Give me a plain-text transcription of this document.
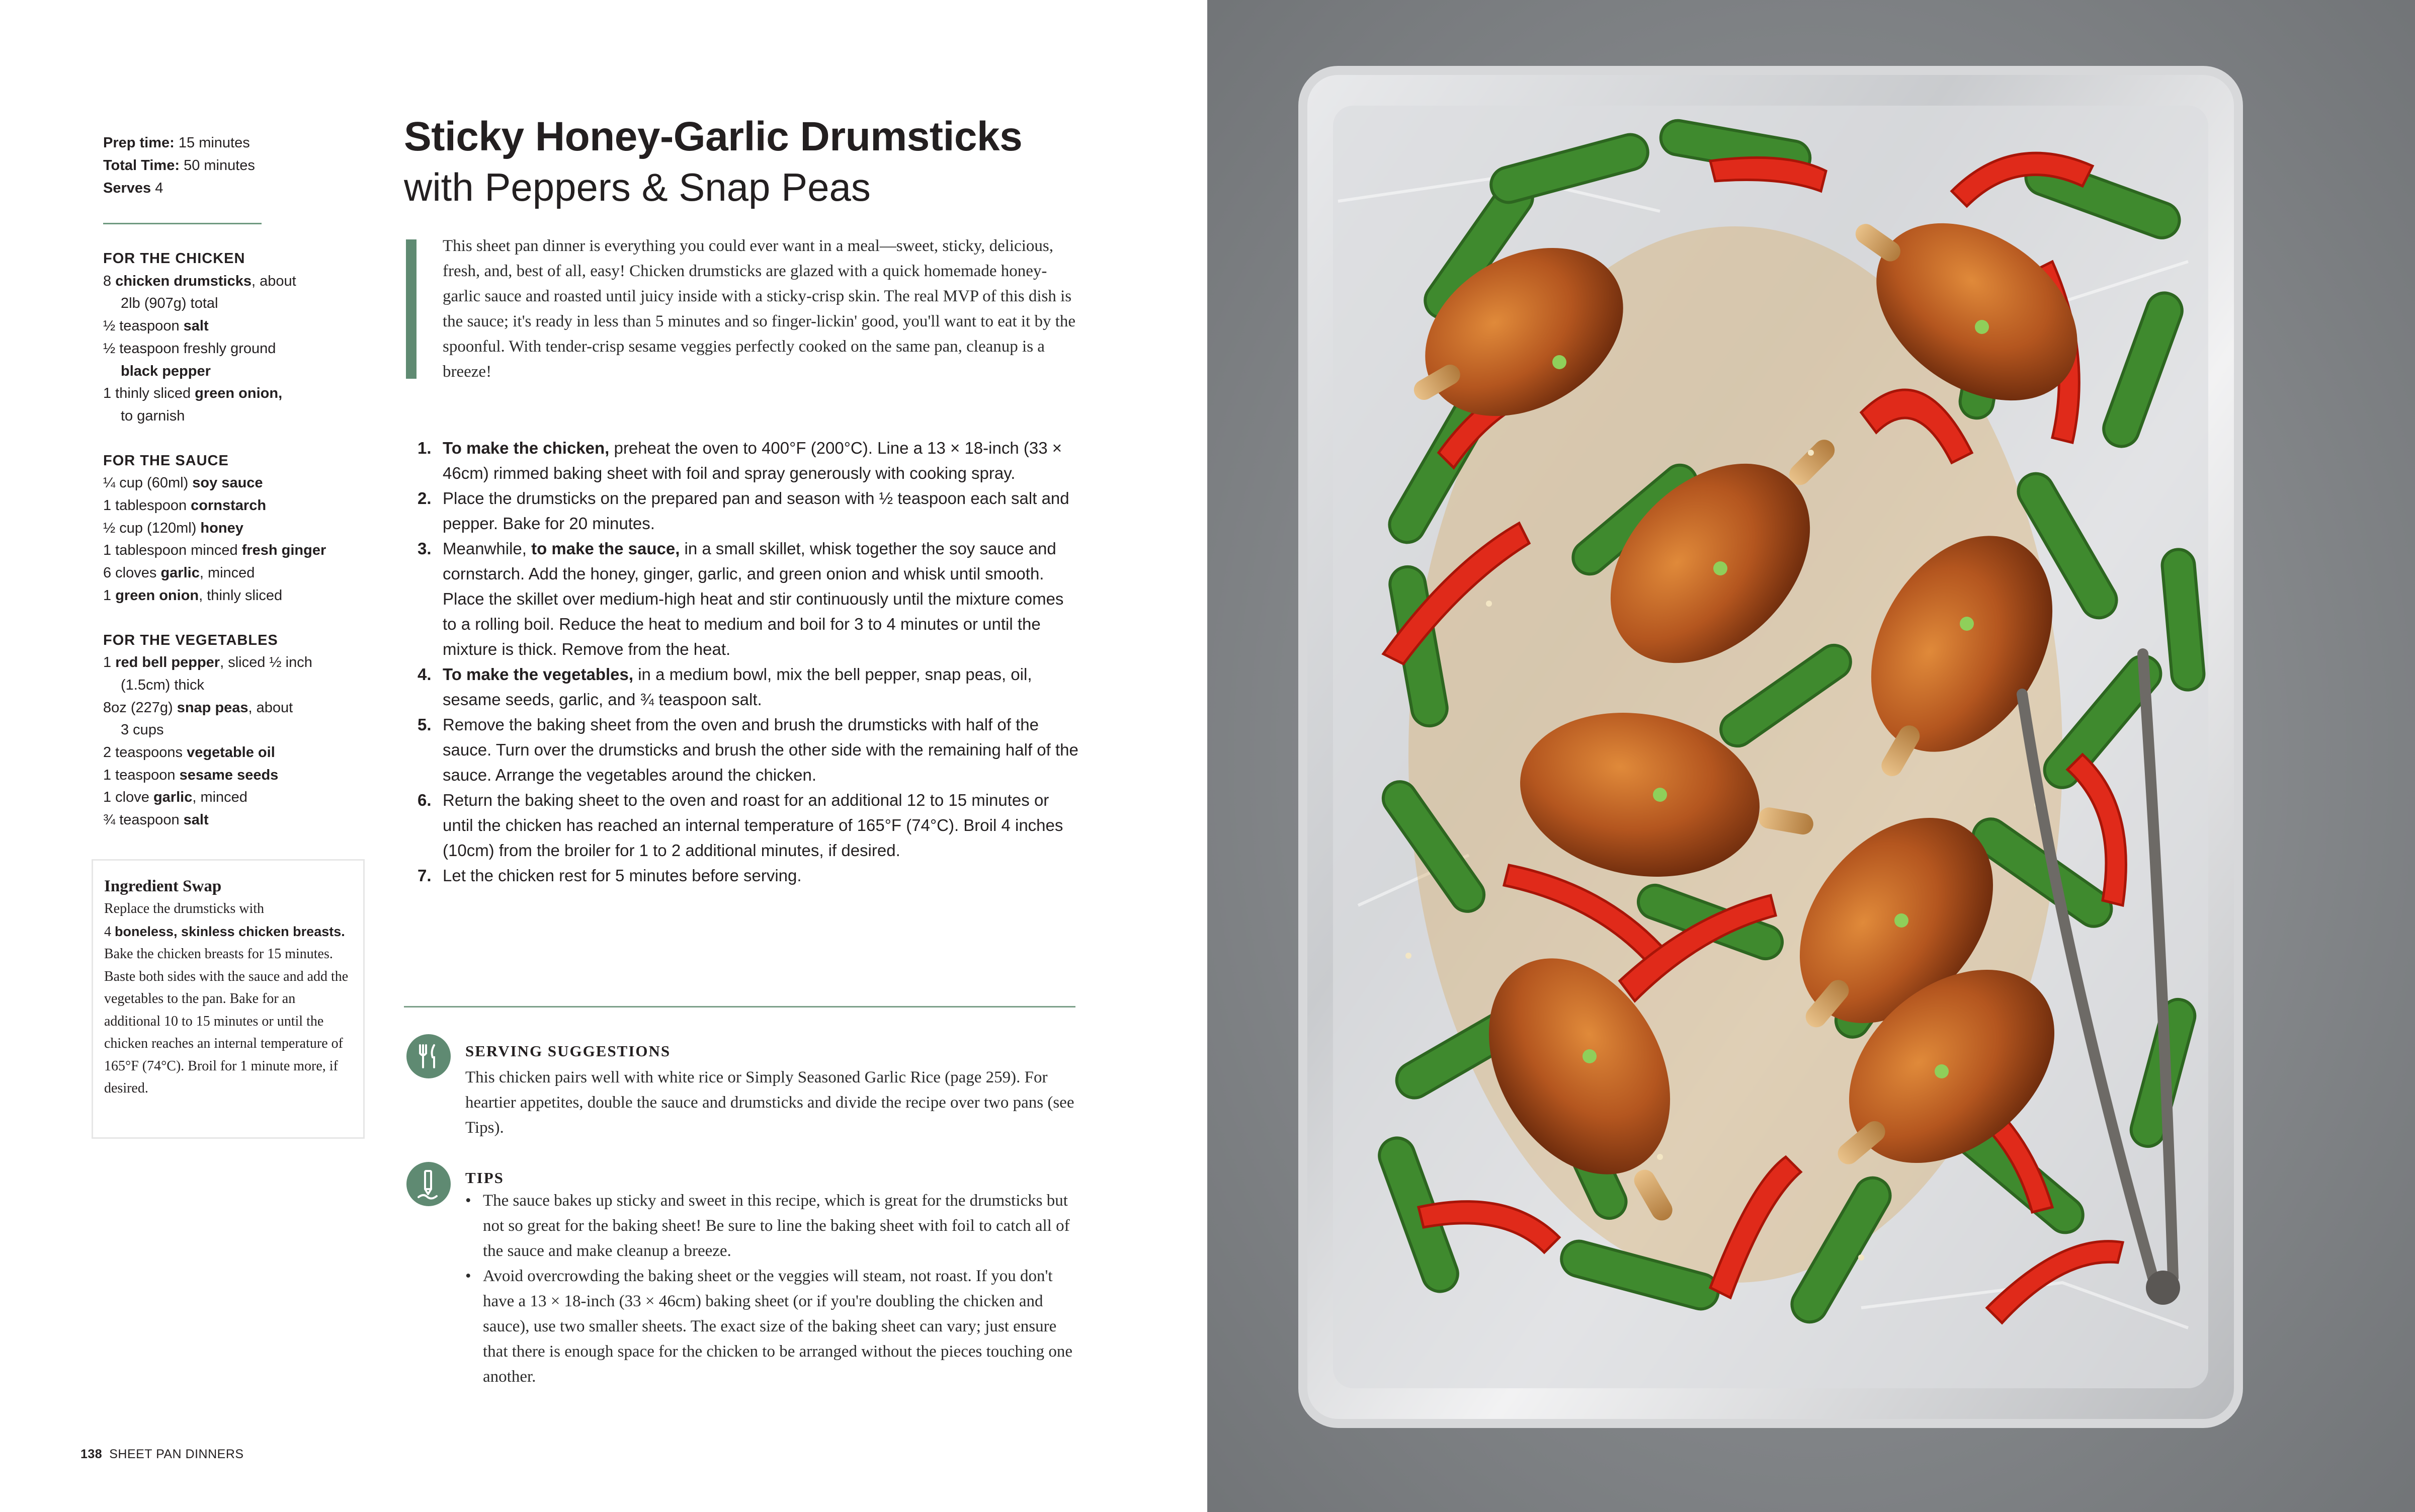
Prep time: 15 minutes
Total Time: 50 minutes
Serves 4
FOR THE CHICKEN
8 chicken drumsticks, about
2lb (907g) total
½ teaspoon salt
½ teaspoon freshly ground
black pepper
1 thinly sliced green onion,
to garnish
FOR THE SAUCE
¼ cup (60ml) soy sauce
1 tablespoon cornstarch
½ cup (120ml) honey
1 tablespoon minced fresh ginger
6 cloves garlic, minced
1 green onion, thinly sliced
FOR THE VEGETABLES
1 red bell pepper, sliced ½ inch
(1.5cm) thick
8oz (227g) snap peas, about
3 cups
2 teaspoons vegetable oil
1 teaspoon sesame seeds
1 clove garlic, minced
¾ teaspoon salt
Ingredient Swap
Replace the drumsticks with
4 boneless, skinless chicken breasts. Bake the chicken breasts for 15 minutes. Baste both sides with the sauce and add the vegetables to the pan. Bake for an additional 10 to 15 minutes or until the chicken reaches an internal temperature of 165°F (74°C). Broil for 1 minute more, if desired.
Sticky Honey-Garlic Drumsticks
with Peppers & Snap Peas
This sheet pan dinner is everything you could ever want in a meal—sweet, sticky, delicious, fresh, and, best of all, easy! Chicken drumsticks are glazed with a quick homemade honey-garlic sauce and roasted until juicy inside with a sticky-crisp skin. The real MVP of this dish is the sauce; it's ready in less than 5 minutes and so finger-lickin' good, you'll want to eat it by the spoonful. With tender-crisp sesame veggies perfectly cooked on the same pan, cleanup is a breeze!
1. To make the chicken, preheat the oven to 400°F (200°C). Line a 13 × 18-inch (33 × 46cm) rimmed baking sheet with foil and spray generously with cooking spray.
2. Place the drumsticks on the prepared pan and season with ½ teaspoon each salt and pepper. Bake for 20 minutes.
3. Meanwhile, to make the sauce, in a small skillet, whisk together the soy sauce and cornstarch. Add the honey, ginger, garlic, and green onion and whisk until smooth. Place the skillet over medium-high heat and stir continuously until the mixture comes to a rolling boil. Reduce the heat to medium and boil for 3 to 4 minutes or until the mixture is thick. Remove from the heat.
4. To make the vegetables, in a medium bowl, mix the bell pepper, snap peas, oil, sesame seeds, garlic, and ¾ teaspoon salt.
5. Remove the baking sheet from the oven and brush the drumsticks with half of the sauce. Turn over the drumsticks and brush the other side with the remaining half of the sauce. Arrange the vegetables around the chicken.
6. Return the baking sheet to the oven and roast for an additional 12 to 15 minutes or until the chicken has reached an internal temperature of 165°F (74°C). Broil 4 inches (10cm) from the broiler for 1 to 2 additional minutes, if desired.
7. Let the chicken rest for 5 minutes before serving.
SERVING SUGGESTIONS
This chicken pairs well with white rice or Simply Seasoned Garlic Rice (page 259). For heartier appetites, double the sauce and drumsticks and divide the recipe over two pans (see Tips).
TIPS
• The sauce bakes up sticky and sweet in this recipe, which is great for the drumsticks but not so great for the baking sheet! Be sure to line the baking sheet with foil to catch all of the sauce and make cleanup a breeze.
• Avoid overcrowding the baking sheet or the veggies will steam, not roast. If you don't have a 13 × 18-inch (33 × 46cm) baking sheet (or if you're doubling the chicken and sauce), use two smaller sheets. The exact size of the baking sheet can vary; just ensure that there is enough space for the chicken to be arranged without the pieces touching one another.
138 SHEET PAN DINNERS
